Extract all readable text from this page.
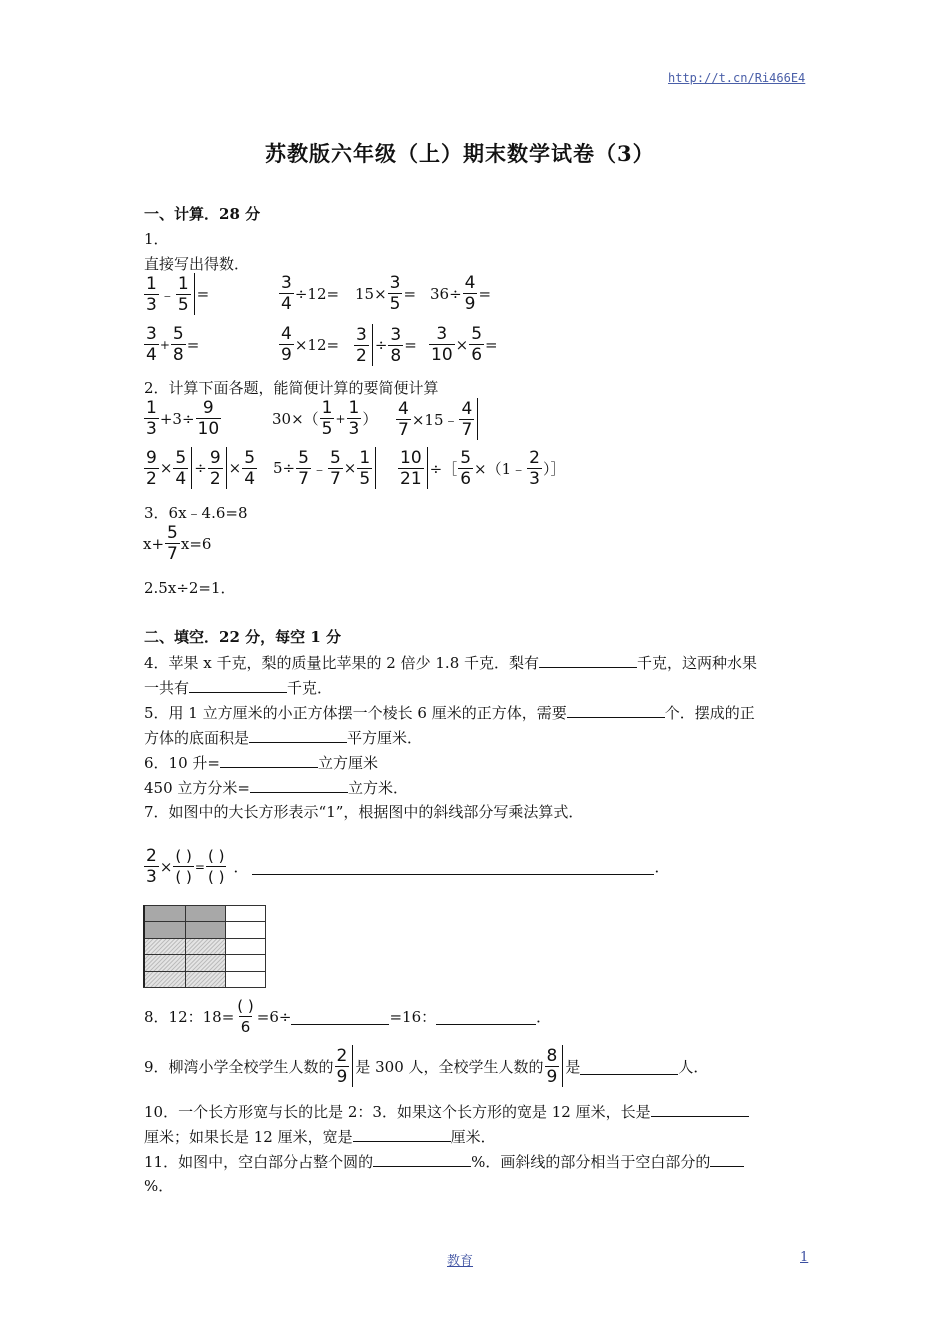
http://t.cn/Ri466E4
苏教版六年级（上）期末数学试卷（3）
一、计算．28 分
1．
直接写出得数．
$\frac{1}{3}$ ﹣ $\frac{1}{5}$ =	$\frac{3}{4} \div 12= 15\times \frac{3}{5} = 36\div \frac{4}{9}$ =
$\frac{3}{4} + \frac{5}{8}$ =	$\frac{4}{9} \times 12= \frac{3}{2} \div \frac{3}{8} = \frac{3}{10} \times \frac{5}{6}$ =
2．计算下面各题，能简便计算的要简便计算
$\frac{1}{3} +3\div \frac{9}{10}$	$30\times( \frac{1}{5} + \frac{1}{3}$ ） $\frac{4}{7}$ ×15﹣ $\frac{4}{7}$
$\frac{9}{2} \times \frac{5}{4} \div \frac{9}{2} \times \frac{5}{4} 5\div \frac{5}{7}$ ﹣ $\frac{5}{7} \times \frac{1}{5} \frac{10}{21}$ ÷［ $\frac{5}{6}$ ×（1﹣ $\frac{2}{3}$ ）］
3．6x﹣4.6=8
$x+ \frac{5}{7} x=6$
2.5x÷2=1．
二、填空．22 分，每空 1 分
4．苹果 x 千克，梨的质量比苹果的 2 倍少 1.8 千克．梨有	千克，这两种水果
一共有	千克．
5．用 1 立方厘米的小正方体摆一个棱长 6 厘米的正方体，需要	个．摆成的正
方体的底面积是	平方厘米．
6．10 升=	立方厘米
450 立方分米=	立方米．
7．如图中的大长方形表示“1”，根据图中的斜线部分写乘法算式．
$\frac{2}{3} \times \frac{( )}{( )} = \frac{( )}{( )}$ ．	．
8．12：$18= \frac{( )}{6} =6\div$	=16：	．
9．柳湾小学全校学生人数的 $\frac{2}{9}$ 是 300 人，全校学生人数的 $\frac{8}{9}$ 是	人．
10．一个长方形宽与长的比是 2：3．如果这个长方形的宽是 12 厘米，长是
厘米；如果长是 12 厘米，宽是	厘米．
11．如图中，空白部分占整个圆的	%．画斜线的部分相当于空白部分的
%．
教育	1
